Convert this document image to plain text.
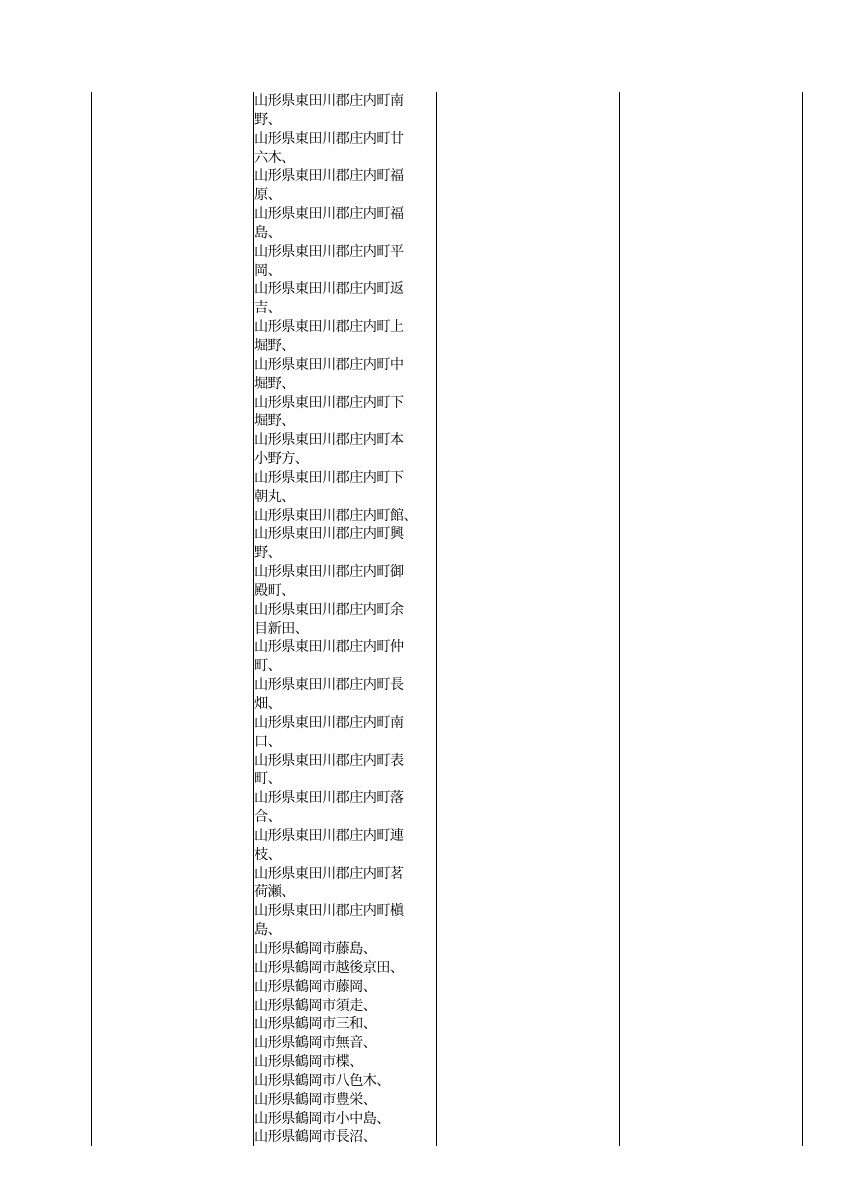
山形県東田川郡庄内町南
野、
山形県東田川郡庄内町廿
六木、
山形県東田川郡庄内町福
原、
山形県東田川郡庄内町福
島、
山形県東田川郡庄内町平
岡、
山形県東田川郡庄内町返
吉、
山形県東田川郡庄内町上
堀野、
山形県東田川郡庄内町中
堀野、
山形県東田川郡庄内町下
堀野、
山形県東田川郡庄内町本
小野方、
山形県東田川郡庄内町下
朝丸、
山形県東田川郡庄内町館、
山形県東田川郡庄内町興
野、
山形県東田川郡庄内町御
殿町、
山形県東田川郡庄内町余
目新田、
山形県東田川郡庄内町仲
町、
山形県東田川郡庄内町長
畑、
山形県東田川郡庄内町南
口、
山形県東田川郡庄内町表
町、
山形県東田川郡庄内町落
合、
山形県東田川郡庄内町連
枝、
山形県東田川郡庄内町茗
荷瀬、
山形県東田川郡庄内町槇
島、
山形県鶴岡市藤島、
山形県鶴岡市越後京田、
山形県鶴岡市藤岡、
山形県鶴岡市須走、
山形県鶴岡市三和、
山形県鶴岡市無音、
山形県鶴岡市楪、
山形県鶴岡市八色木、
山形県鶴岡市豊栄、
山形県鶴岡市小中島、
山形県鶴岡市長沼、
